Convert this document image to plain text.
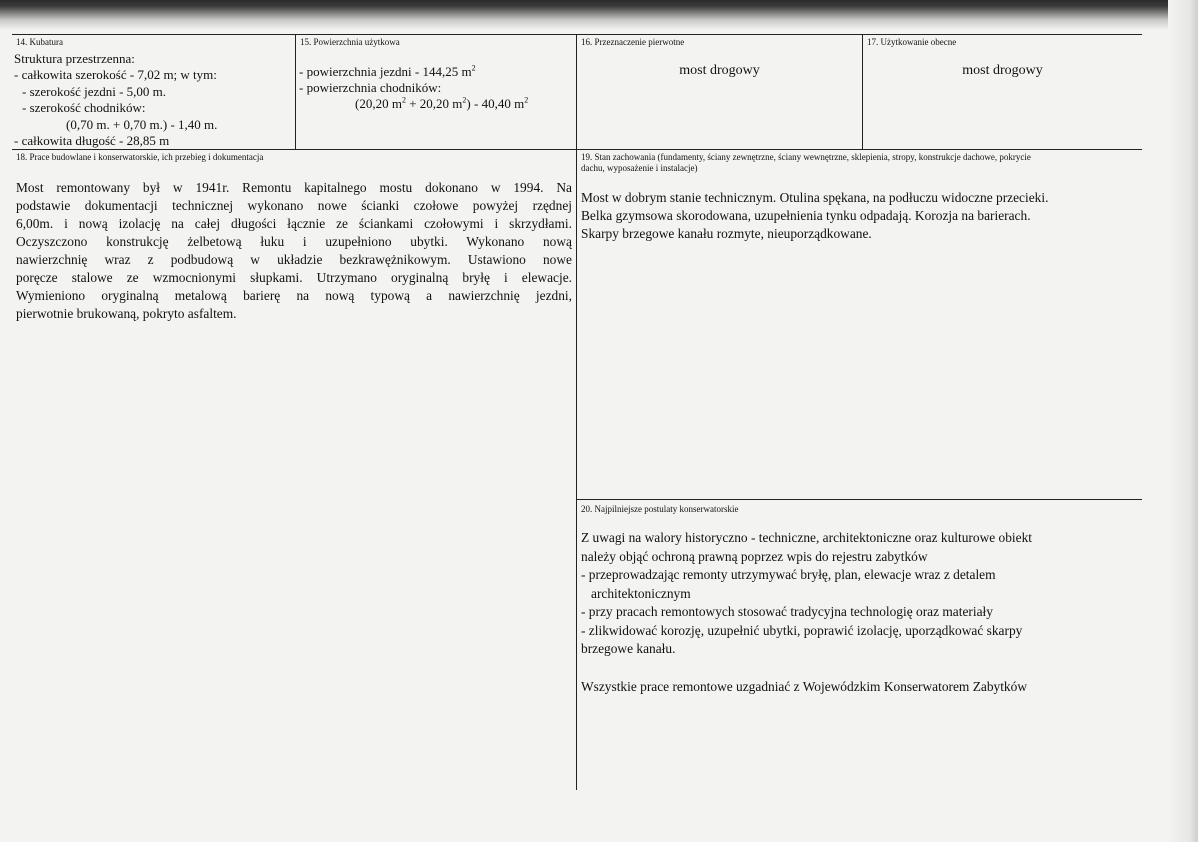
14. Kubatura
Struktura przestrzenna:
- całkowita szerokość - 7,02 m; w tym:
- szerokość jezdni - 5,00 m.
- szerokość chodników:
(0,70 m. + 0,70 m.) - 1,40 m.
- całkowita długość - 28,85 m
15. Powierzchnia użytkowa
- powierzchnia jezdni - 144,25 $m^2$
- powierzchnia chodników:
(20,20 $m^2 + 20,20$ $m^2) - 40,40$ $m^2$
16. Przeznaczenie pierwotne
most drogowy
17. Użytkowanie obecne
most drogowy
18. Prace budowlane i konserwatorskie, ich przebieg i dokumentacja
Most remontowany był w 1941r. Remontu kapitalnego mostu dokonano w 1994. Na
podstawie dokumentacji technicznej wykonano nowe ścianki czołowe powyżej rzędnej
6,00m. i nową izolację na całej długości łącznie ze ściankami czołowymi i skrzydłami.
Oczyszczono konstrukcję żelbetową łuku i uzupełniono ubytki. Wykonano nową
nawierzchnię wraz z podbudową w układzie bezkrawężnikowym. Ustawiono nowe
poręcze stalowe ze wzmocnionymi słupkami. Utrzymano oryginalną bryłę i elewacje.
Wymieniono oryginalną metalową barierę na nową typową a nawierzchnię jezdni,
pierwotnie brukowaną, pokryto asfaltem.
19. Stan zachowania (fundamenty, ściany zewnętrzne, ściany wewnętrzne, sklepienia, stropy, konstrukcje dachowe, pokrycie
dachu, wyposażenie i instalacje)
Most w dobrym stanie technicznym. Otulina spękana, na podłuczu widoczne przecieki.
Belka gzymsowa skorodowana, uzupełnienia tynku odpadają. Korozja na barierach.
Skarpy brzegowe kanału rozmyte, nieuporządkowane.
20. Najpilniejsze postulaty konserwatorskie
Z uwagi na walory historyczno - techniczne, architektoniczne oraz kulturowe obiekt
należy objąć ochroną prawną poprzez wpis do rejestru zabytków
- przeprowadzając remonty utrzymywać bryłę, plan, elewacje wraz z detalem
architektonicznym
- przy pracach remontowych stosować tradycyjna technologię oraz materiały
- zlikwidować korozję, uzupełnić ubytki, poprawić izolację, uporządkować skarpy
brzegowe kanału.
Wszystkie prace remontowe uzgadniać z Wojewódzkim Konserwatorem Zabytków
